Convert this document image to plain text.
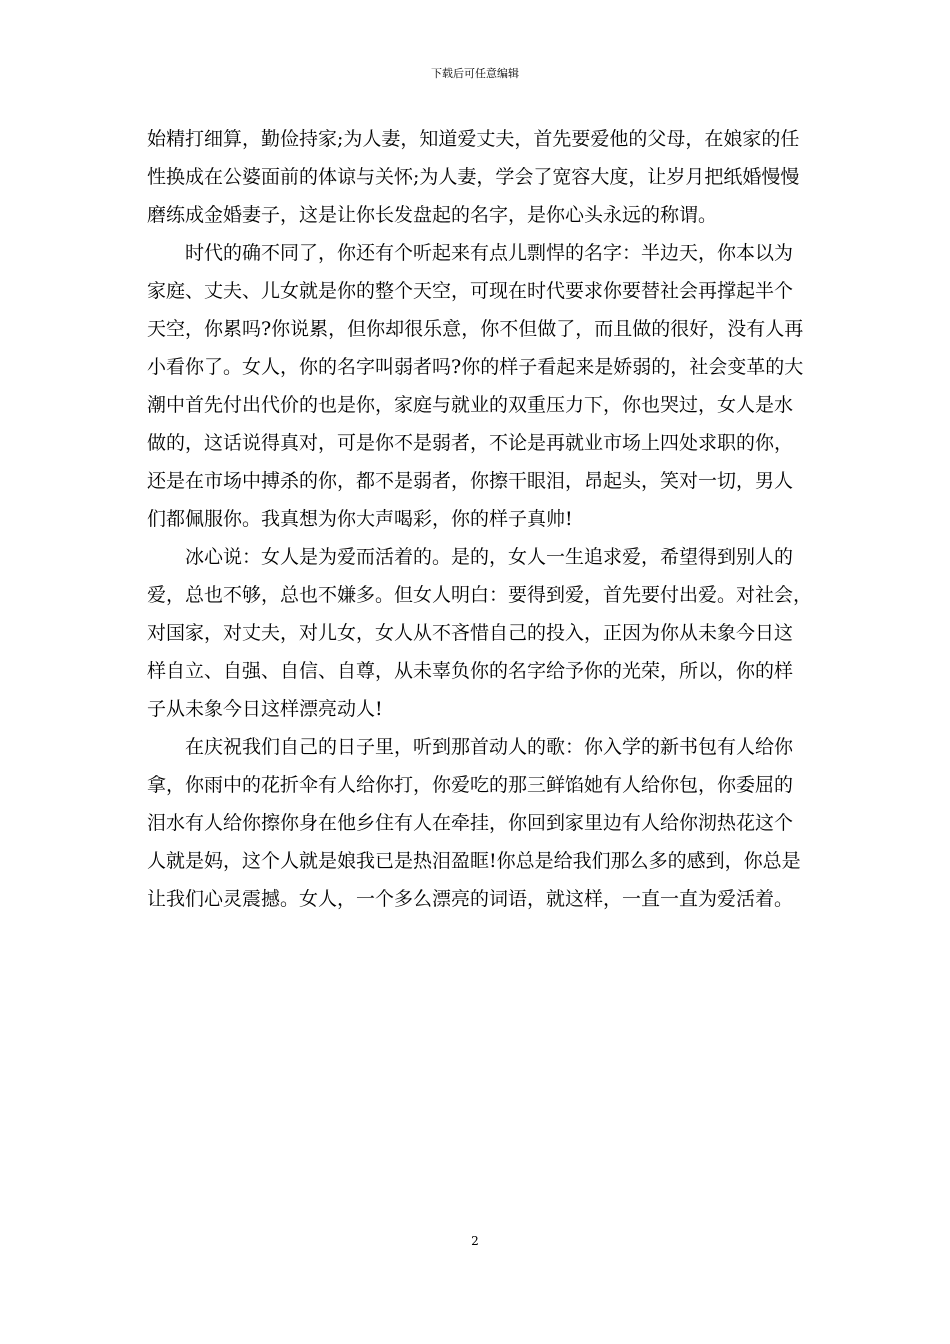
下载后可任意编辑
始精打细算，勤俭持家;为人妻，知道爱丈夫，首先要爱他的父母，在娘家的任
性换成在公婆面前的体谅与关怀;为人妻，学会了宽容大度，让岁月把纸婚慢慢
磨练成金婚妻子，这是让你长发盘起的名字，是你心头永远的称谓。
　　时代的确不同了，你还有个听起来有点儿剽悍的名字：半边天，你本以为
家庭、丈夫、儿女就是你的整个天空，可现在时代要求你要替社会再撑起半个
天空，你累吗?你说累，但你却很乐意，你不但做了，而且做的很好，没有人再
小看你了。女人，你的名字叫弱者吗?你的样子看起来是娇弱的，社会变革的大
潮中首先付出代价的也是你，家庭与就业的双重压力下，你也哭过，女人是水
做的，这话说得真对，可是你不是弱者，不论是再就业市场上四处求职的你，
还是在市场中搏杀的你，都不是弱者，你擦干眼泪，昂起头，笑对一切，男人
们都佩服你。我真想为你大声喝彩，你的样子真帅!
　　冰心说：女人是为爱而活着的。是的，女人一生追求爱，希望得到别人的
爱，总也不够，总也不嫌多。但女人明白：要得到爱，首先要付出爱。对社会，
对国家，对丈夫，对儿女，女人从不吝惜自己的投入，正因为你从未象今日这
样自立、自强、自信、自尊，从未辜负你的名字给予你的光荣，所以，你的样
子从未象今日这样漂亮动人!
　　在庆祝我们自己的日子里，听到那首动人的歌：你入学的新书包有人给你
拿，你雨中的花折伞有人给你打，你爱吃的那三鲜馅她有人给你包，你委屈的
泪水有人给你擦你身在他乡住有人在牵挂，你回到家里边有人给你沏热花这个
人就是妈，这个人就是娘我已是热泪盈眶!你总是给我们那么多的感到，你总是
让我们心灵震撼。女人，一个多么漂亮的词语，就这样，一直一直为爱活着。
2
